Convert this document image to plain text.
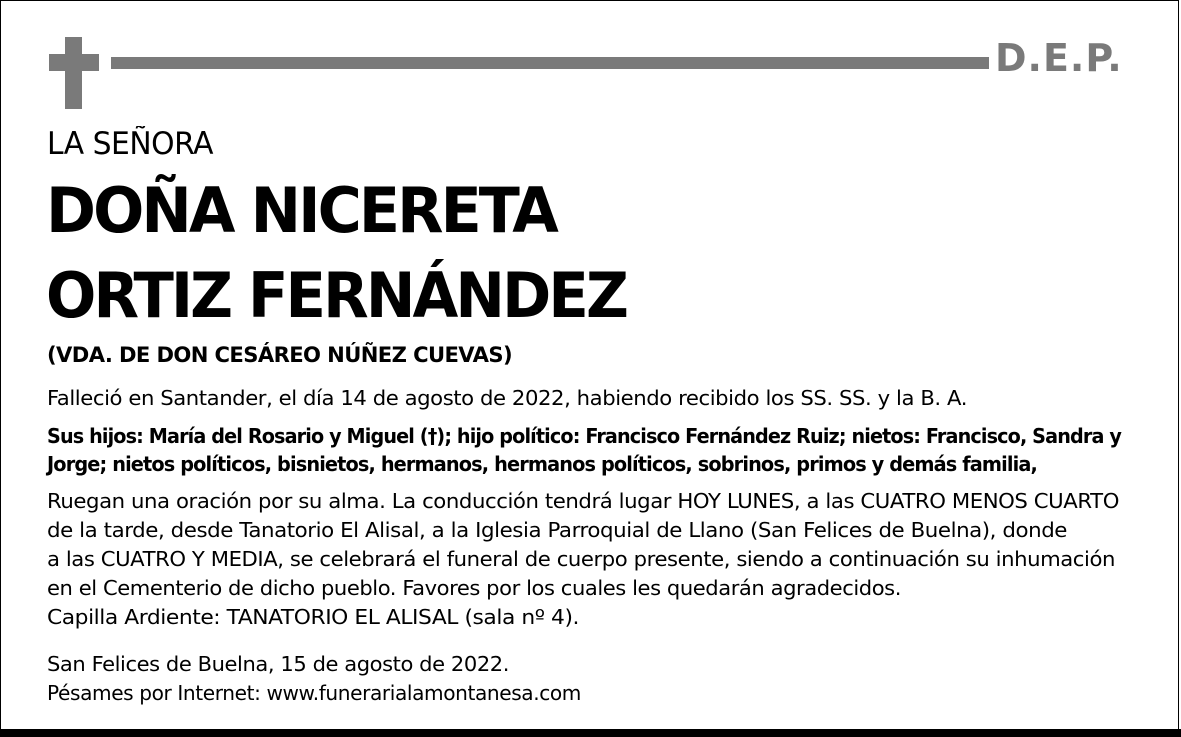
D.E.P.
LA SEÑORA
DOÑA NICERETA
ORTIZ FERNÁNDEZ
(VDA. DE DON CESÁREO NÚÑEZ CUEVAS)
Falleció en Santander, el día 14 de agosto de 2022, habiendo recibido los SS. SS. y la B. A.
Sus hijos: María del Rosario y Miguel (†); hijo político: Francisco Fernández Ruiz; nietos: Francisco, Sandra y
Jorge; nietos políticos, bisnietos, hermanos, hermanos políticos, sobrinos, primos y demás familia,
Ruegan una oración por su alma. La conducción tendrá lugar HOY LUNES, a las CUATRO MENOS CUARTO
de la tarde, desde Tanatorio El Alisal, a la Iglesia Parroquial de Llano (San Felices de Buelna), donde
a las CUATRO Y MEDIA, se celebrará el funeral de cuerpo presente, siendo a continuación su inhumación
en el Cementerio de dicho pueblo. Favores por los cuales les quedarán agradecidos.
Capilla Ardiente: TANATORIO EL ALISAL (sala nº 4).
San Felices de Buelna, 15 de agosto de 2022.
Pésames por Internet: www.funerarialamontanesa.com
